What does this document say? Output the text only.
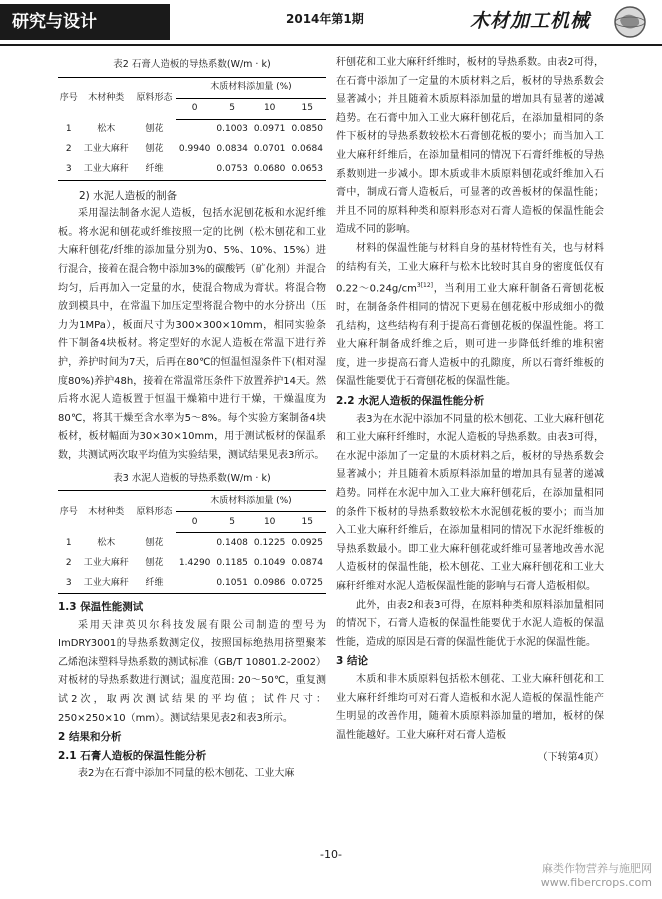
研究与设计	2014年第1期	木材加工机械
表2 石膏人造板的导热系数(W/m · k)
序号	木材种类	原料形态	木质材料添加量 (%)			
			0	5	10	15
1	松木	刨花		0.1003	0.0971	0.0850
2	工业大麻秆	刨花	0.9940	0.0834	0.0701	0.0684
3	工业大麻秆	纤维		0.0753	0.0680	0.0653

2) 水泥人造板的制备

采用湿法制备水泥人造板，包括水泥刨花板和水泥纤维板。将水泥和刨花或纤维按照一定的比例（松木刨花和工业大麻秆刨花/纤维的添加量分别为0、5%、10%、15%）进行混合，接着在混合物中添加3%的碳酸钙（矿化剂）并混合均匀，后再加入一定量的水，使混合物成为膏状。将混合物放到模具中，在常温下加压定型将混合物中的水分挤出（压力为1MPa），板面尺寸为300×300×10mm，相同实验条件下制备4块板材。将定型好的水泥人造板在常温下进行养护，养护时间为7天，后再在80℃的恒温恒湿条件下(相对湿度80%)养护48h，接着在常温常压条件下放置养护14天。然后将水泥人造板置于恒温干燥箱中进行干燥，干燥温度为80℃，将其干燥至含水率为5～8%。每个实验方案制备4块板材，板材幅面为30×30×10mm，用于测试板材的保温系数，共测试两次取平均值为实验结果，测试结果见表3所示。

表3 水泥人造板的导热系数(W/m · k)
序号	木材种类	原料形态	木质材料添加量 (%)			
			0	5	10	15
1	松木	刨花		0.1408	0.1225	0.0925
2	工业大麻秆	刨花	1.4290	0.1185	0.1049	0.0874
3	工业大麻秆	纤维		0.1051	0.0986	0.0725

1.3 保温性能测试

采用天津英贝尔科技发展有限公司制造的型号为ImDRY3001的导热系数测定仪，按照国标绝热用挤塑聚苯乙烯泡沫塑料导热系数的测试标准（GB/T 10801.2-2002）对板材的导热系数进行测试；温度范围: 20～50℃，重复测试2次，取两次测试结果的平均值；试件尺寸：250×250×10（mm）。测试结果见表2和表3所示。

2 结果和分析

2.1 石膏人造板的保温性能分析

表2为在石膏中添加不同量的松木刨花、工业大麻

秆刨花和工业大麻秆纤维时，板材的导热系数。由表2可得，在石膏中添加了一定量的木质材料之后，板材的导热系数会显著减小；并且随着木质原料添加量的增加具有显著的递减趋势。在石膏中加入工业大麻秆刨花后，在添加量相同的条件下板材的导热系数较松木石膏刨花板的要小；而当加入工业大麻秆纤维后，在添加量相同的情况下石膏纤维板的导热系数则进一步减小。即木质或非木质原料刨花或纤维加入石膏中，制成石膏人造板后，可显著的改善板材的保温性能；并且不同的原料种类和原料形态对石膏人造板的保温性能会造成不同的影响。

材料的保温性能与材料自身的基材特性有关，也与材料的结构有关，工业大麻秆与松木比较时其自身的密度低仅有$0.22\sim 0.24g/cm^{3[12]}$，当利用工业大麻秆制备石膏刨花板时，在制备条件相同的情况下更易在刨花板中形成细小的微孔结构，这些结构有利于提高石膏刨花板的保温性能。将工业大麻秆制备成纤维之后，则可进一步降低纤维的堆积密度，进一步提高石膏人造板中的孔隙度，所以石膏纤维板的保温性能要优于石膏刨花板的保温性能。

2.2 水泥人造板的保温性能分析

表3为在水泥中添加不同量的松木刨花、工业大麻秆刨花和工业大麻秆纤维时，水泥人造板的导热系数。由表3可得，在水泥中添加了一定量的木质材料之后，板材的导热系数会显著减小；并且随着木质原料添加量的增加具有显著的递减趋势。同样在水泥中加入工业大麻秆刨花后，在添加量相同的条件下板材的导热系数较松木水泥刨花板的要小；而当加入工业大麻秆纤维后，在添加量相同的情况下水泥纤维板的导热系数最小。即工业大麻秆刨花或纤维可显著地改善水泥人造板材的保温性能，松木刨花、工业大麻秆刨花和工业大麻秆纤维对水泥人造板保温性能的影响与石膏人造板相似。

此外，由表2和表3可得，在原料种类和原料添加量相同的情况下，石膏人造板的保温性能要优于水泥人造板的保温性能，造成的原因是石膏的保温性能优于水泥的保温性能。

3 结论

木质和非木质原料包括松木刨花、工业大麻秆刨花和工业大麻秆纤维均可对石膏人造板和水泥人造板的保温性能产生明显的改善作用，随着木质原料添加量的增加，板材的保温性能越好。工业大麻秆对石膏人造板

（下转第4页）

-10-
麻类作物营养与施肥网
www.fibercrops.com
